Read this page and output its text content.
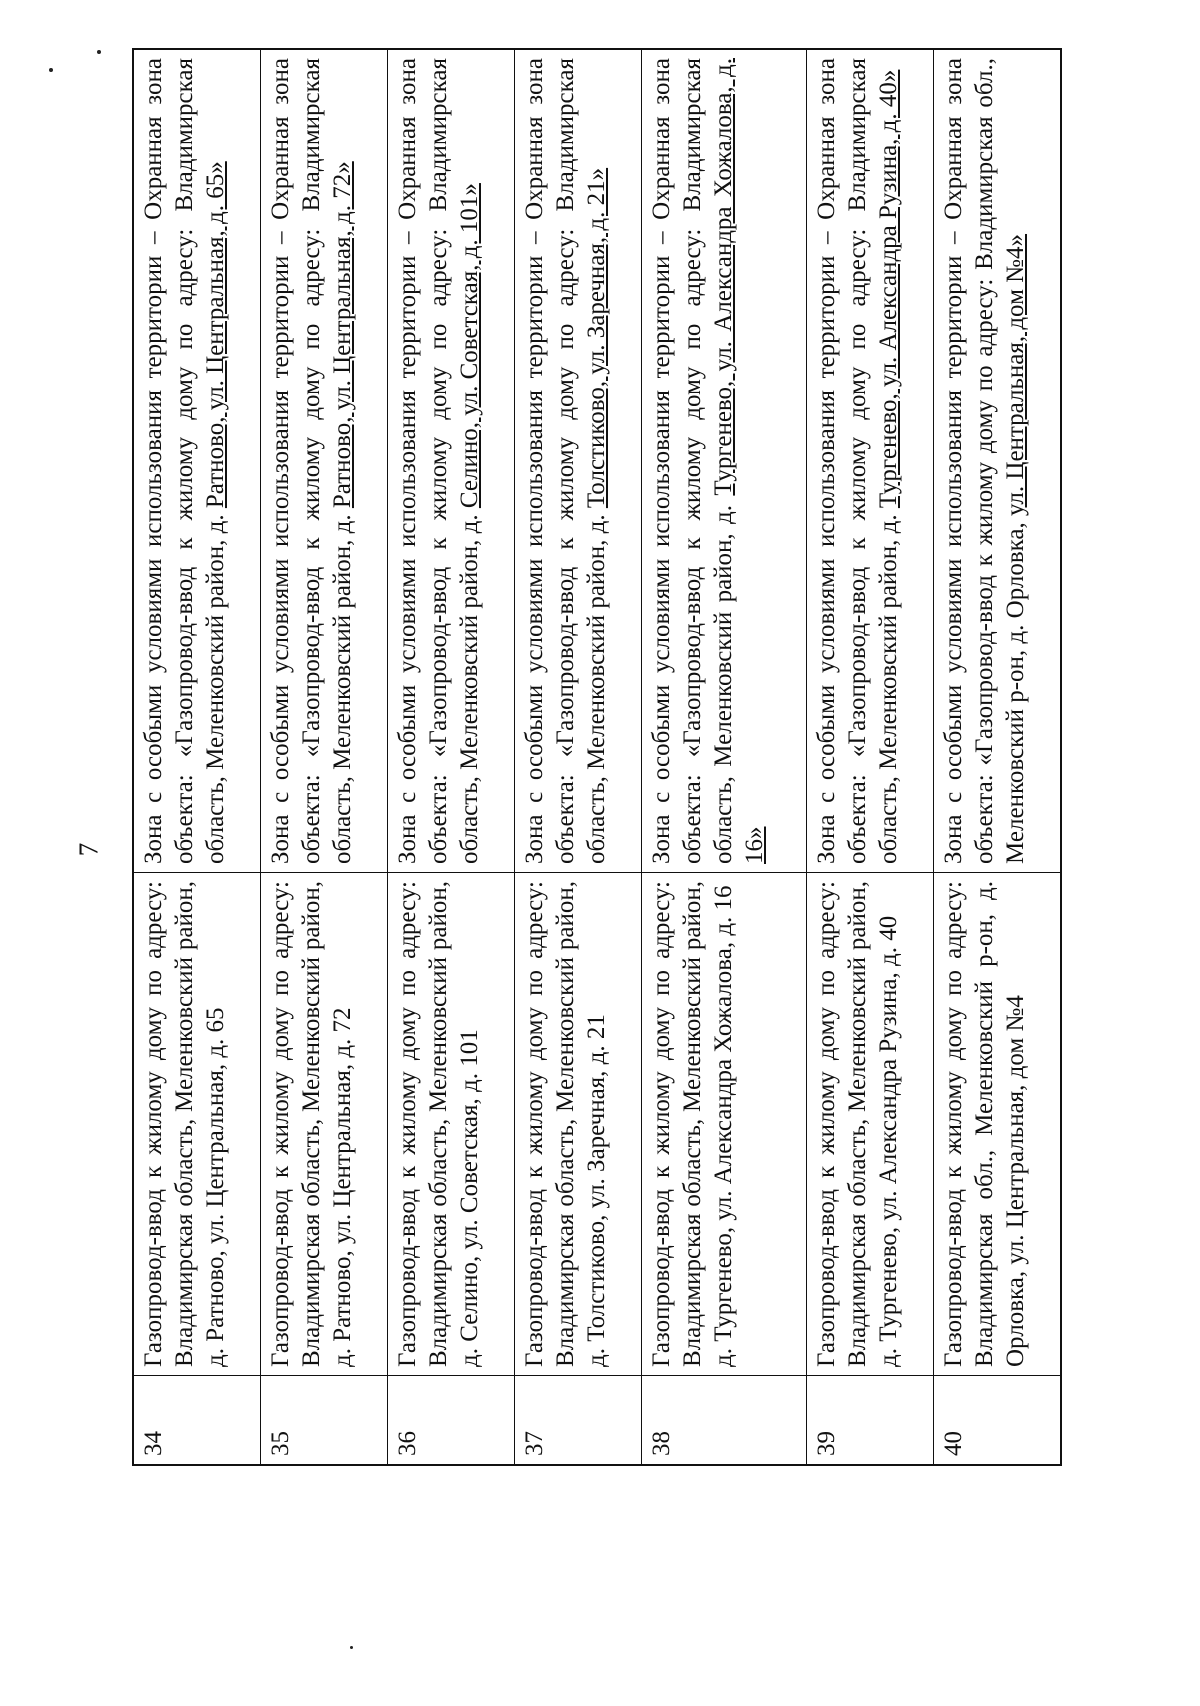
7
34	Газопровод-ввод к жилому дому по адресу: Владимирская область, Меленковский район, д. Ратново, ул. Центральная, д. 65	Зона с особыми условиями использования территории – Охранная зона объекта: «Газопровод-ввод к жилому дому по адресу: Владимирская область, Меленковский район, д. Ратново, ул. Центральная, д. 65»
35	Газопровод-ввод к жилому дому по адресу: Владимирская область, Меленковский район, д. Ратново, ул. Центральная, д. 72	Зона с особыми условиями использования территории – Охранная зона объекта: «Газопровод-ввод к жилому дому по адресу: Владимирская область, Меленковский район, д. Ратново, ул. Центральная, д. 72»
36	Газопровод-ввод к жилому дому по адресу: Владимирская область, Меленковский район, д. Селино, ул. Советская, д. 101	Зона с особыми условиями использования территории – Охранная зона объекта: «Газопровод-ввод к жилому дому по адресу: Владимирская область, Меленковский район, д. Селино, ул. Советская, д. 101»
37	Газопровод-ввод к жилому дому по адресу: Владимирская область, Меленковский район, д. Толстиково, ул. Заречная, д. 21	Зона с особыми условиями использования территории – Охранная зона объекта: «Газопровод-ввод к жилому дому по адресу: Владимирская область, Меленковский район, д. Толстиково, ул. Заречная, д. 21»
38	Газопровод-ввод к жилому дому по адресу: Владимирская область, Меленковский район, д. Тургенево, ул. Александра Хожалова, д. 16	Зона с особыми условиями использования территории – Охранная зона объекта: «Газопровод-ввод к жилому дому по адресу: Владимирская область, Меленковский район, д. Тургенево, ул. Александра Хожалова, д. 16»
39	Газопровод-ввод к жилому дому по адресу: Владимирская область, Меленковский район, д. Тургенево, ул. Александра Рузина, д. 40	Зона с особыми условиями использования территории – Охранная зона объекта: «Газопровод-ввод к жилому дому по адресу: Владимирская область, Меленковский район, д. Тургенево, ул. Александра Рузина, д. 40»
40	Газопровод-ввод к жилому дому по адресу: Владимирская обл., Меленковский р-он, д. Орловка, ул. Центральная, дом №4	Зона с особыми условиями использования территории – Охранная зона объекта: «Газопровод-ввод к жилому дому по адресу: Владимирская обл., Меленковский р-он, д. Орловка, ул. Центральная, дом №4»
